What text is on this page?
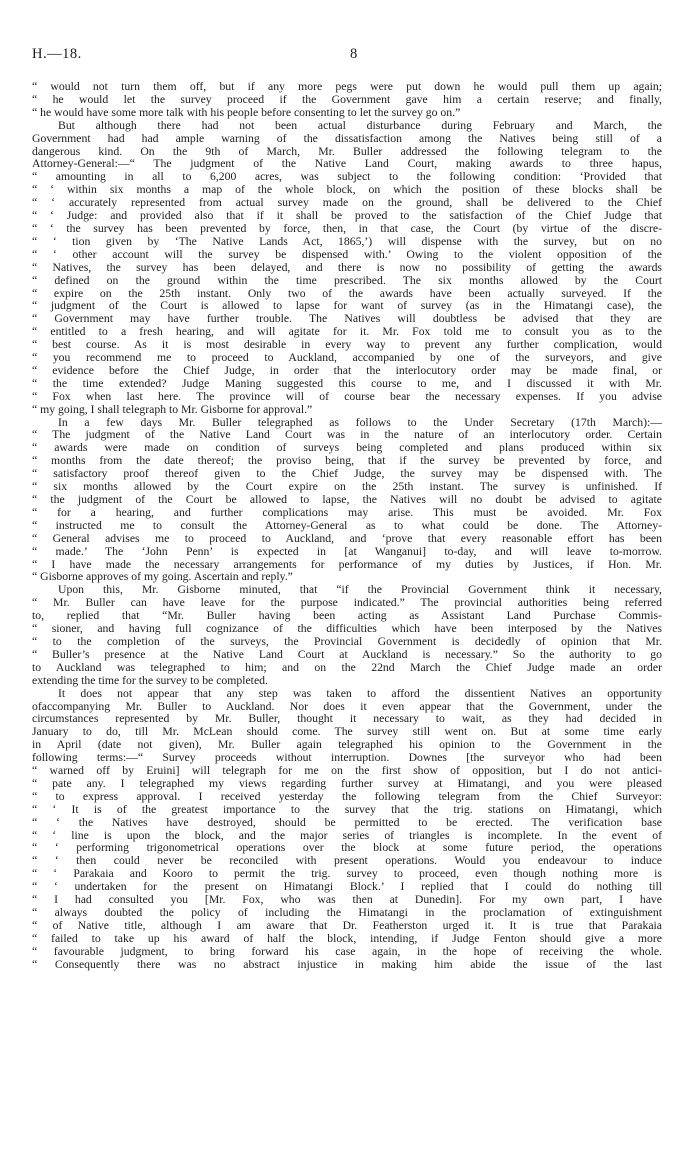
H.—18.	8
“ would not turn them off, but if any more pegs were put down he would pull them up again;
“ he would let the survey proceed if the Government gave him a certain reserve; and finally,
“ he would have some more talk with his people before consenting to let the survey go on.”
But although there had not been actual disturbance during February and March, the
Government had had ample warning of the dissatisfaction among the Natives being still of a
dangerous kind. On the 9th of March, Mr. Buller addressed the following telegram to the
Attorney-General:—“ The judgment of the Native Land Court, making awards to three hapus,
“ amounting in all to 6,200 acres, was subject to the following condition: ‘Provided that
“ ‘ within six months a map of the whole block, on which the position of these blocks shall be
“ ‘ accurately represented from actual survey made on the ground, shall be delivered to the Chief
“ ‘ Judge: and provided also that if it shall be proved to the satisfaction of the Chief Judge that
“ ‘ the survey has been prevented by force, then, in that case, the Court (by virtue of the discre-
“ ‘ tion given by ‘The Native Lands Act, 1865,’) will dispense with the survey, but on no
“ ‘ other account will the survey be dispensed with.’ Owing to the violent opposition of the
“ Natives, the survey has been delayed, and there is now no possibility of getting the awards
“ defined on the ground within the time prescribed. The six months allowed by the Court
“ expire on the 25th instant. Only two of the awards have been actually surveyed. If the
“ judgment of the Court is allowed to lapse for want of survey (as in the Himatangi case), the
“ Government may have further trouble. The Natives will doubtless be advised that they are
“ entitled to a fresh hearing, and will agitate for it. Mr. Fox told me to consult you as to the
“ best course. As it is most desirable in every way to prevent any further complication, would
“ you recommend me to proceed to Auckland, accompanied by one of the surveyors, and give
“ evidence before the Chief Judge, in order that the interlocutory order may be made final, or
“ the time extended? Judge Maning suggested this course to me, and I discussed it with Mr.
“ Fox when last here. The province will of course bear the necessary expenses. If you advise
“ my going, I shall telegraph to Mr. Gisborne for approval.”
In a few days Mr. Buller telegraphed as follows to the Under Secretary (17th March):—
“ The judgment of the Native Land Court was in the nature of an interlocutory order. Certain
“ awards were made on condition of surveys being completed and plans produced within six
“ months from the date thereof; the proviso being, that if the survey be prevented by force, and
“ satisfactory proof thereof given to the Chief Judge, the survey may be dispensed with. The
“ six months allowed by the Court expire on the 25th instant. The survey is unfinished. If
“ the judgment of the Court be allowed to lapse, the Natives will no doubt be advised to agitate
“ for a hearing, and further complications may arise. This must be avoided. Mr. Fox
“ instructed me to consult the Attorney-General as to what could be done. The Attorney-
“ General advises me to proceed to Auckland, and ‘prove that every reasonable effort has been
“ made.’ The ‘John Penn’ is expected in [at Wanganui] to-day, and will leave to-morrow.
“ I have made the necessary arrangements for performance of my duties by Justices, if Hon. Mr.
“ Gisborne approves of my going. Ascertain and reply.”
Upon this, Mr. Gisborne minuted, that “if the Provincial Government think it necessary,
“ Mr. Buller can have leave for the purpose indicated.” The provincial authorities being referred
to, replied that “Mr. Buller having been acting as Assistant Land Purchase Commis-
“ sioner, and having full cognizance of the difficulties which have been interposed by the Natives
“ to the completion of the surveys, the Provincial Government is decidedly of opinion that Mr.
“ Buller’s presence at the Native Land Court at Auckland is necessary.” So the authority to go
to Auckland was telegraphed to him; and on the 22nd March the Chief Judge made an order
extending the time for the survey to be completed.
It does not appear that any step was taken to afford the dissentient Natives an opportunity
ofaccompanying Mr. Buller to Auckland. Nor does it even appear that the Government, under the
circumstances represented by Mr. Buller, thought it necessary to wait, as they had decided in
January to do, till Mr. McLean should come. The survey still went on. But at some time early
in April (date not given), Mr. Buller again telegraphed his opinion to the Government in the
following terms:—“ Survey proceeds without interruption. Downes [the surveyor who had been
“ warned off by Eruini] will telegraph for me on the first show of opposition, but I do not antici-
“ pate any. I telegraphed my views regarding further survey at Himatangi, and you were pleased
“ to express approval. I received yesterday the following telegram from the Chief Surveyor:
“ ‘ It is of the greatest importance to the survey that the trig. stations on Himatangi, which
“ ‘ the Natives have destroyed, should be permitted to be erected. The verification base
“ ‘ line is upon the block, and the major series of triangles is incomplete. In the event of
“ ‘ performing trigonometrical operations over the block at some future period, the operations
“ ‘ then could never be reconciled with present operations. Would you endeavour to induce
“ ‘ Parakaia and Kooro to permit the trig. survey to proceed, even though nothing more is
“ ‘ undertaken for the present on Himatangi Block.’ I replied that I could do nothing till
“ I had consulted you [Mr. Fox, who was then at Dunedin]. For my own part, I have
“ always doubted the policy of including the Himatangi in the proclamation of extinguishment
“ of Native title, although I am aware that Dr. Featherston urged it. It is true that Parakaia
“ failed to take up his award of half the block, intending, if Judge Fenton should give a more
“ favourable judgment, to bring forward his case again, in the hope of receiving the whole.
“ Consequently there was no abstract injustice in making him abide the issue of the last
